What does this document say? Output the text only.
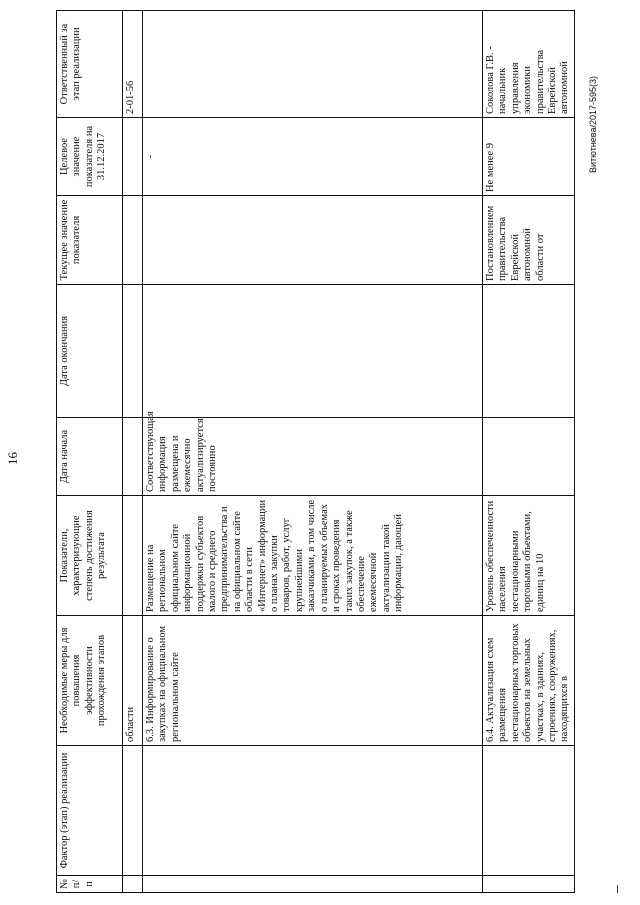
16
№ п/п	Фактор (этап) реализации	Необходимые меры для повышения эффективности прохождения этапов	Показатели, характеризующие степень достижения результата	Дата начала	Дата окончания	Текущее значение показателя	Целевое значение показателя на 31.12.2017	Ответственный за этап реализации
		области						2-01-56
		6.3. Информирование о закупках на официальном региональном сайте	Размещение на региональном официальном сайте информационной поддержки субъектов малого и среднего предпринимательства и на официальном сайте области в сети «Интернет» информации о планах закупки товаров, работ, услуг крупнейшими заказчиками, в том числе о планируемых объемах и сроках проведения таких закупок, а также обеспечение ежемесячной актуализации такой информации, дающей	Соответствующая информация размещена и ежемесячно актуализируется постоянно			-	
		6.4. Актуализация схем размещения нестационарных торговых объектов на земельных участках, в зданиях, строениях, сооружениях, находящихся в	Уровень обеспеченности населения нестационарными торговыми объектами, единиц на 10			Постановлением правительства Еврейской автономной области от	Не менее 9	Соколова Г.В. - начальник управления экономики правительства Еврейской автономной Витютнева/2017-595(3)
